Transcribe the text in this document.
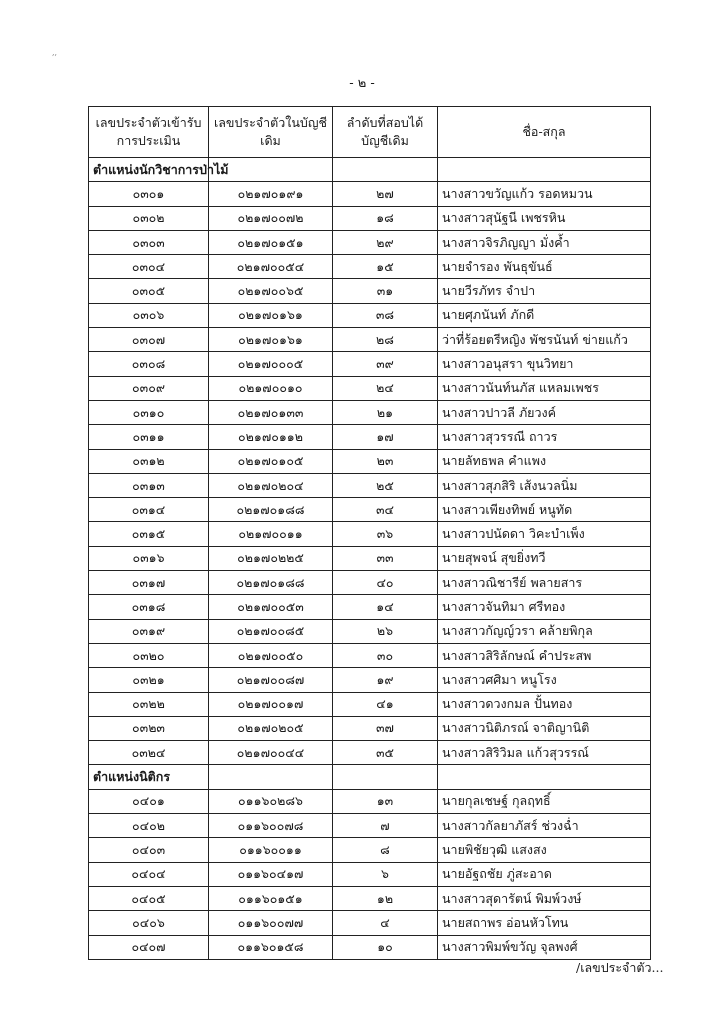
,,
- ๒ -
เลขประจำตัวเข้ารับการประเมิน	เลขประจำตัวในบัญชีเดิม	ลำดับที่สอบได้บัญชีเดิม	ชื่อ-สกุล
ตำแหน่งนักวิชาการป่าไม้			
๐๓๐๑	๐๒๑๗๐๑๙๑	๒๗	นางสาวขวัญแก้ว รอดหมวน
๐๓๐๒	๐๒๑๗๐๐๗๒	๑๘	นางสาวสุนัฐนี เพชรหิน
๐๓๐๓	๐๒๑๗๐๑๕๑	๒๙	นางสาวจิรภิญญา มั่งค้ำ
๐๓๐๔	๐๒๑๗๐๐๕๔	๑๕	นายจำรอง พันธุขันธ์
๐๓๐๕	๐๒๑๗๐๐๖๕	๓๑	นายวีรภัทร จำปา
๐๓๐๖	๐๒๑๗๐๑๖๑	๓๘	นายศุภนันท์ ภักดี
๐๓๐๗	๐๒๑๗๐๑๖๑	๒๘	ว่าที่ร้อยตรีหญิง พัชรนันท์ ข่ายแก้ว
๐๓๐๘	๐๒๑๗๐๐๐๕	๓๙	นางสาวอนุสรา ขุนวิทยา
๐๓๐๙	๐๒๑๗๐๐๑๐	๒๔	นางสาวนันท์นภัส แหลมเพชร
๐๓๑๐	๐๒๑๗๐๑๓๓	๒๑	นางสาวปาวลี ภัยวงค์
๐๓๑๑	๐๒๑๗๐๑๑๒	๑๗	นางสาวสุวรรณี ถาวร
๐๓๑๒	๐๒๑๗๐๑๐๕	๒๓	นายลัทธพล คำแพง
๐๓๑๓	๐๒๑๗๐๒๐๔	๒๕	นางสาวสุภสิริ เส้งนวลนิ่ม
๐๓๑๔	๐๒๑๗๐๑๘๘	๓๔	นางสาวเพียงทิพย์ หนูทัด
๐๓๑๕	๐๒๑๗๐๐๑๑	๓๖	นางสาวปนัดดา วิคะบำเพ็ง
๐๓๑๖	๐๒๑๗๐๒๒๕	๓๓	นายสุพจน์ สุขยิ่งทวี
๐๓๑๗	๐๒๑๗๐๑๘๘	๔๐	นางสาวณิชารีย์ พลายสาร
๐๓๑๘	๐๒๑๗๐๐๕๓	๑๔	นางสาวจันทิมา ศรีทอง
๐๓๑๙	๐๒๑๗๐๐๘๕	๒๖	นางสาวกัญญ์วรา คล้ายพิกุล
๐๓๒๐	๐๒๑๗๐๐๕๐	๓๐	นางสาวสิริลักษณ์ คำประสพ
๐๓๒๑	๐๒๑๗๐๐๘๗	๑๙	นางสาวศศิมา หนูโรง
๐๓๒๒	๐๒๑๗๐๐๑๗	๔๑	นางสาวดวงกมล ปั้นทอง
๐๓๒๓	๐๒๑๗๐๒๐๕	๓๗	นางสาวนิติภรณ์ จาติญานิติ
๐๓๒๔	๐๒๑๗๐๐๔๔	๓๕	นางสาวสิริวิมล แก้วสุวรรณ์
ตำแหน่งนิติกร			
๐๔๐๑	๐๑๑๖๐๒๘๖	๑๓	นายกุลเชษฐ์ กุลฤทธิ์
๐๔๐๒	๐๑๑๖๐๐๗๘	๗	นางสาวกัลยาภัสร์ ช่วงฉ่ำ
๐๔๐๓	๐๑๑๖๐๐๑๑	๘	นายพิชัยวุฒิ แสงสง
๐๔๐๔	๐๑๑๖๐๔๑๗	๖	นายอัฐถชัย ภู่สะอาด
๐๔๐๕	๐๑๑๖๐๑๕๑	๑๒	นางสาวสุดารัตน์ พิมพ์วงษ์
๐๔๐๖	๐๑๑๖๐๐๗๗	๔	นายสถาพร อ่อนหัวโทน
๐๔๐๗	๐๑๑๖๐๑๕๘	๑๐	นางสาวพิมพ์ขวัญ จุลพงศ์
/เลขประจำตัว...
